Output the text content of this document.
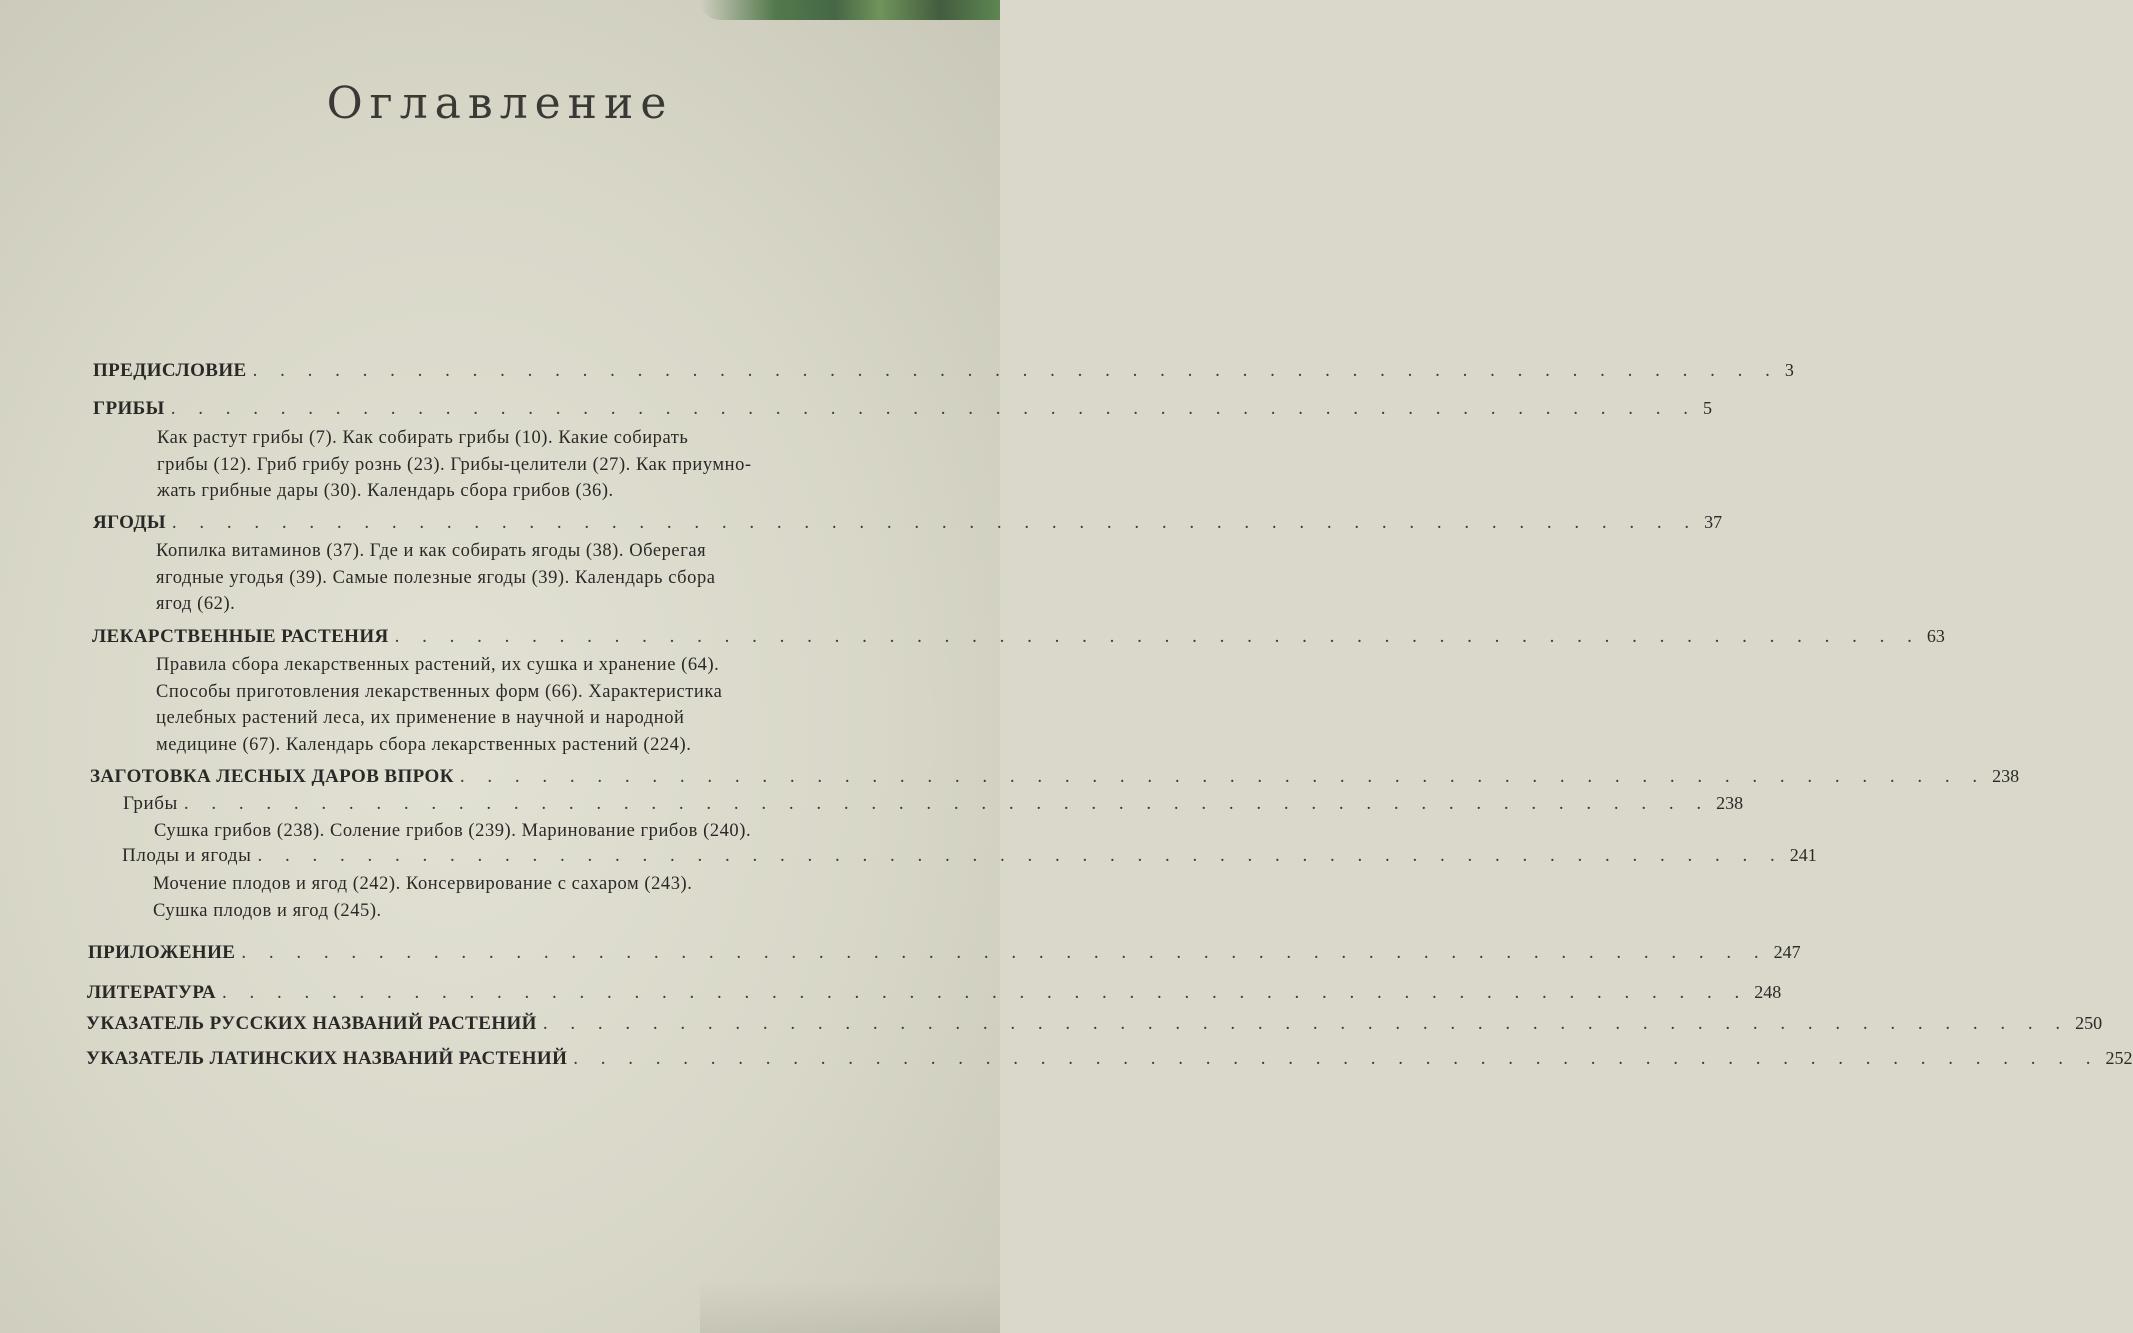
Оглавление
ПРЕДИСЛОВИЕ . . . . . . . . . . . . . . . . . . . . . . . . . . . . . . . . . . . . . . . . . . . . . . . . . . . . . . . . 3
ГРИБЫ . . . . . . . . . . . . . . . . . . . . . . . . . . . . . . . . . . . . . . . . . . . . . . . . . . . . . . . . 5
Как растут грибы (7). Как собирать грибы (10). Какие собирать
грибы (12). Гриб грибу рознь (23). Грибы-целители (27). Как приумно-
жать грибные дары (30). Календарь сбора грибов (36).
ЯГОДЫ . . . . . . . . . . . . . . . . . . . . . . . . . . . . . . . . . . . . . . . . . . . . . . . . . . . . . . . . 37
Копилка витаминов (37). Где и как собирать ягоды (38). Оберегая
ягодные угодья (39). Самые полезные ягоды (39). Календарь сбора
ягод (62).
ЛЕКАРСТВЕННЫЕ РАСТЕНИЯ . . . . . . . . . . . . . . . . . . . . . . . . . . . . . . . . . . . . . . . . . . . . . . . . . . . . . . . . 63
Правила сбора лекарственных растений, их сушка и хранение (64).
Способы приготовления лекарственных форм (66). Характеристика
целебных растений леса, их применение в научной и народной
медицине (67). Календарь сбора лекарственных растений (224).
ЗАГОТОВКА ЛЕСНЫХ ДАРОВ ВПРОК . . . . . . . . . . . . . . . . . . . . . . . . . . . . . . . . . . . . . . . . . . . . . . . . . . . . . . . . 238
Грибы . . . . . . . . . . . . . . . . . . . . . . . . . . . . . . . . . . . . . . . . . . . . . . . . . . . . . . . . 238
Сушка грибов (238). Соление грибов (239). Маринование грибов (240).
Плоды и ягоды . . . . . . . . . . . . . . . . . . . . . . . . . . . . . . . . . . . . . . . . . . . . . . . . . . . . . . . . 241
Мочение плодов и ягод (242). Консервирование с сахаром (243).
Сушка плодов и ягод (245).
ПРИЛОЖЕНИЕ . . . . . . . . . . . . . . . . . . . . . . . . . . . . . . . . . . . . . . . . . . . . . . . . . . . . . . . . 247
ЛИТЕРАТУРА . . . . . . . . . . . . . . . . . . . . . . . . . . . . . . . . . . . . . . . . . . . . . . . . . . . . . . . . 248
УКАЗАТЕЛЬ РУССКИХ НАЗВАНИЙ РАСТЕНИЙ . . . . . . . . . . . . . . . . . . . . . . . . . . . . . . . . . . . . . . . . . . . . . . . . . . . . . . . . 250
УКАЗАТЕЛЬ ЛАТИНСКИХ НАЗВАНИЙ РАСТЕНИЙ . . . . . . . . . . . . . . . . . . . . . . . . . . . . . . . . . . . . . . . . . . . . . . . . . . . . . . . . 252
